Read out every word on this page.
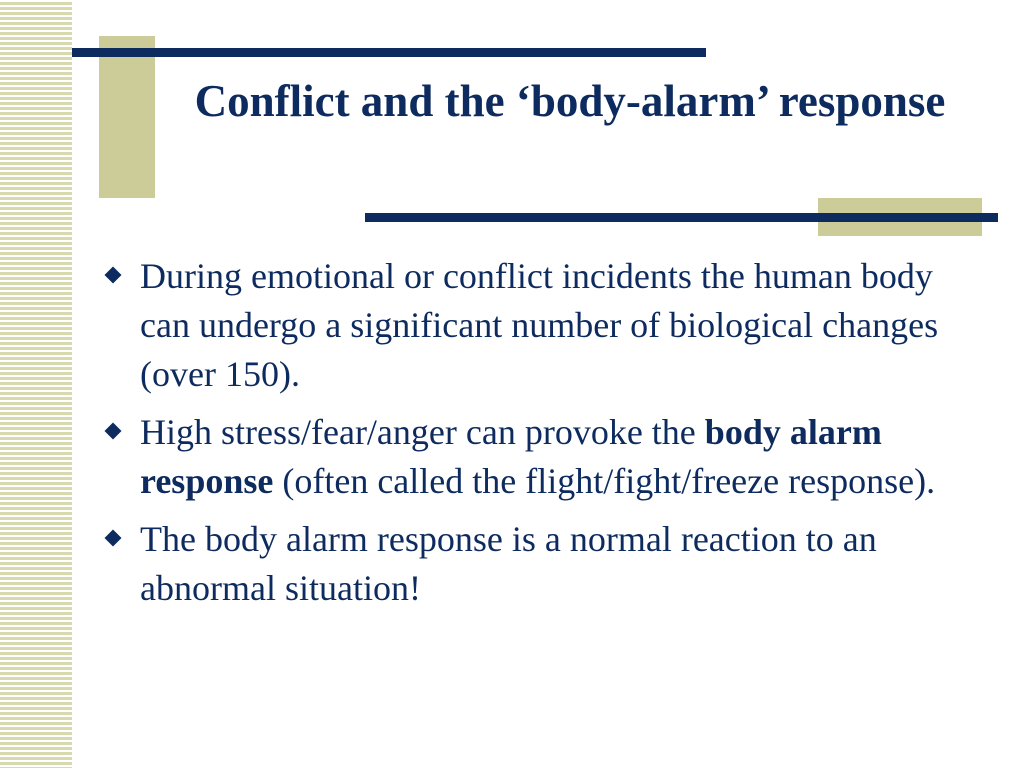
Conflict and the ‘body-alarm’ response
During emotional or conflict incidents the human body can undergo a significant number of biological changes (over 150).
High stress/fear/anger can provoke the body alarm response (often called the flight/fight/freeze response).
The body alarm response is a normal reaction to an abnormal situation!
